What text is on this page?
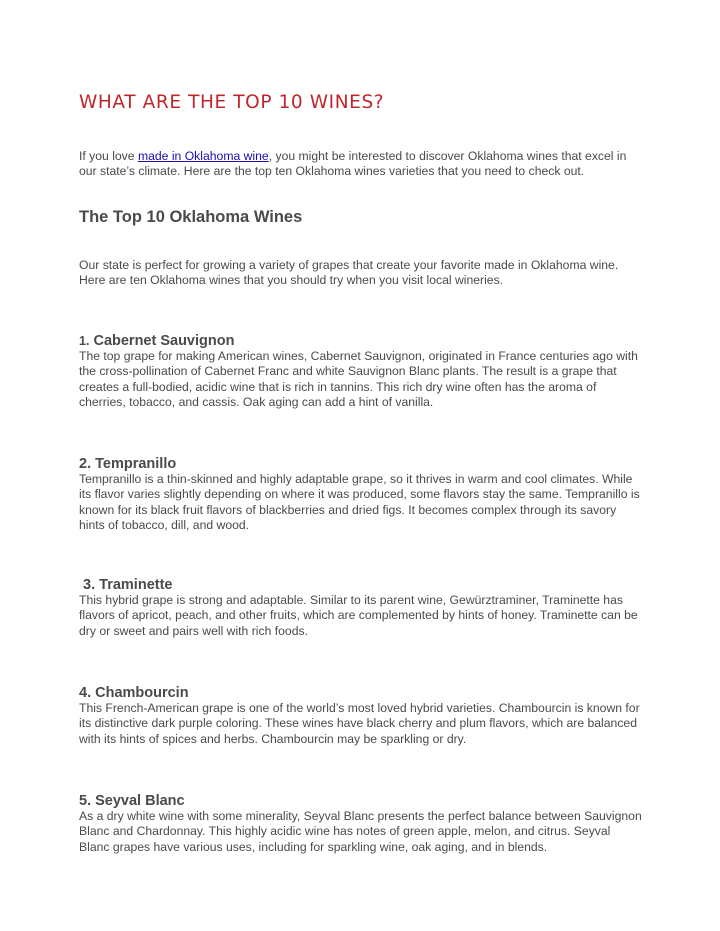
WHAT ARE THE TOP 10 WINES?

If you love made in Oklahoma wine, you might be interested to discover Oklahoma wines that excel in our state’s climate. Here are the top ten Oklahoma wines varieties that you need to check out.

The Top 10 Oklahoma Wines

Our state is perfect for growing a variety of grapes that create your favorite made in Oklahoma wine. Here are ten Oklahoma wines that you should try when you visit local wineries.

1. Cabernet Sauvignon

The top grape for making American wines, Cabernet Sauvignon, originated in France centuries ago with the cross-pollination of Cabernet Franc and white Sauvignon Blanc plants. The result is a grape that creates a full-bodied, acidic wine that is rich in tannins. This rich dry wine often has the aroma of cherries, tobacco, and cassis. Oak aging can add a hint of vanilla.

2. Tempranillo

Tempranillo is a thin-skinned and highly adaptable grape, so it thrives in warm and cool climates. While its flavor varies slightly depending on where it was produced, some flavors stay the same. Tempranillo is known for its black fruit flavors of blackberries and dried figs. It becomes complex through its savory hints of tobacco, dill, and wood.

3. Traminette

This hybrid grape is strong and adaptable. Similar to its parent wine, Gewürztraminer, Traminette has flavors of apricot, peach, and other fruits, which are complemented by hints of honey. Traminette can be dry or sweet and pairs well with rich foods.

4. Chambourcin

This French-American grape is one of the world’s most loved hybrid varieties. Chambourcin is known for its distinctive dark purple coloring. These wines have black cherry and plum flavors, which are balanced with its hints of spices and herbs. Chambourcin may be sparkling or dry.

5. Seyval Blanc

As a dry white wine with some minerality, Seyval Blanc presents the perfect balance between Sauvignon Blanc and Chardonnay. This highly acidic wine has notes of green apple, melon, and citrus. Seyval Blanc grapes have various uses, including for sparkling wine, oak aging, and in blends.
